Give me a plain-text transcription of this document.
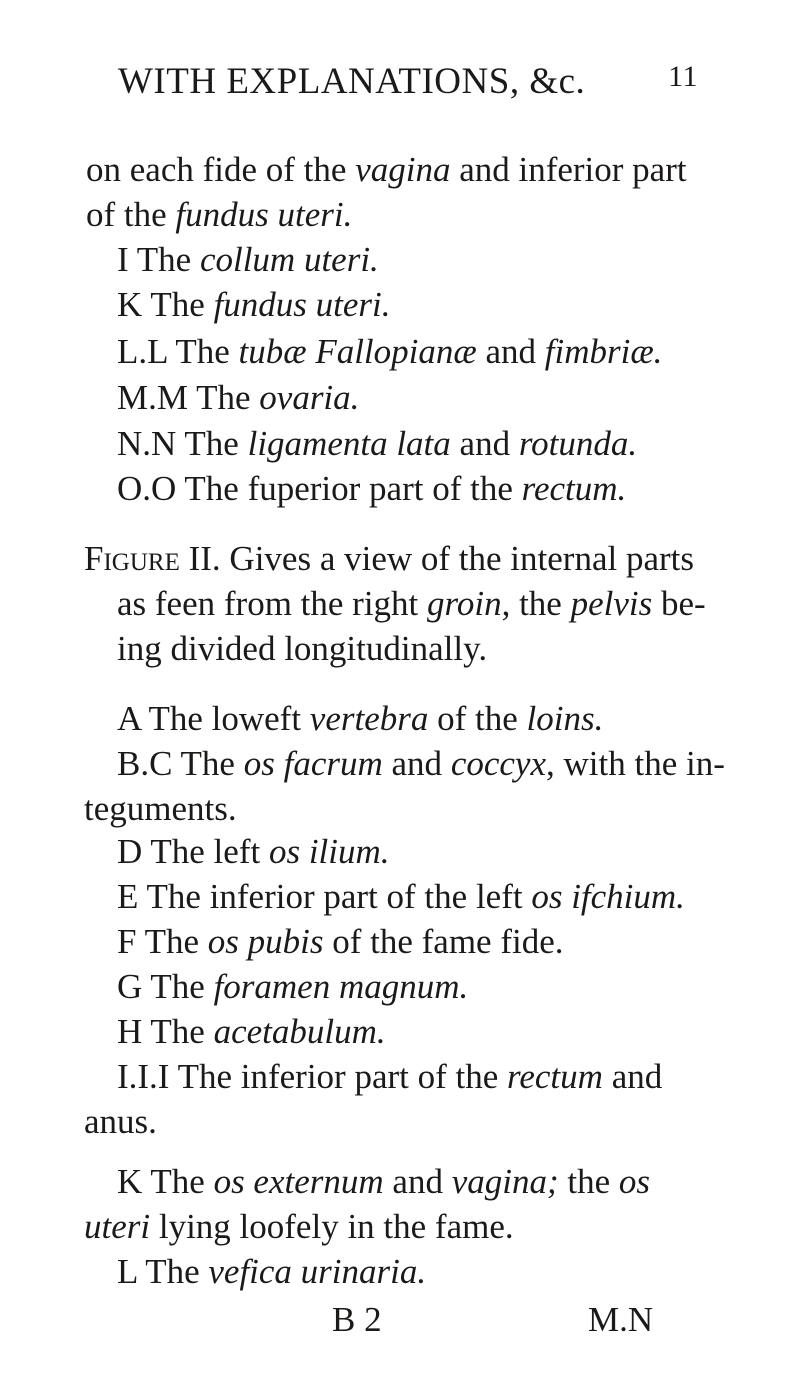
WITH EXPLANATIONS, &c.	11
on each fide of the vagina and inferior part
of the fundus uteri.
I The collum uteri.
K The fundus uteri.
L.L The tubæ Fallopianæ and fimbriæ.
M.M The ovaria.
N.N The ligamenta lata and rotunda.
O.O The fuperior part of the rectum.
Figure II. Gives a view of the internal parts
as feen from the right groin, the pelvis be-
ing divided longitudinally.
A The loweft vertebra of the loins.
B.C The os facrum and coccyx, with the in-
teguments.
D The left os ilium.
E The inferior part of the left os ifchium.
F The os pubis of the fame fide.
G The foramen magnum.
H The acetabulum.
I.I.I The inferior part of the rectum and
anus.
K The os externum and vagina; the os
uteri lying loofely in the fame.
L The vefica urinaria.
B 2	M.N
